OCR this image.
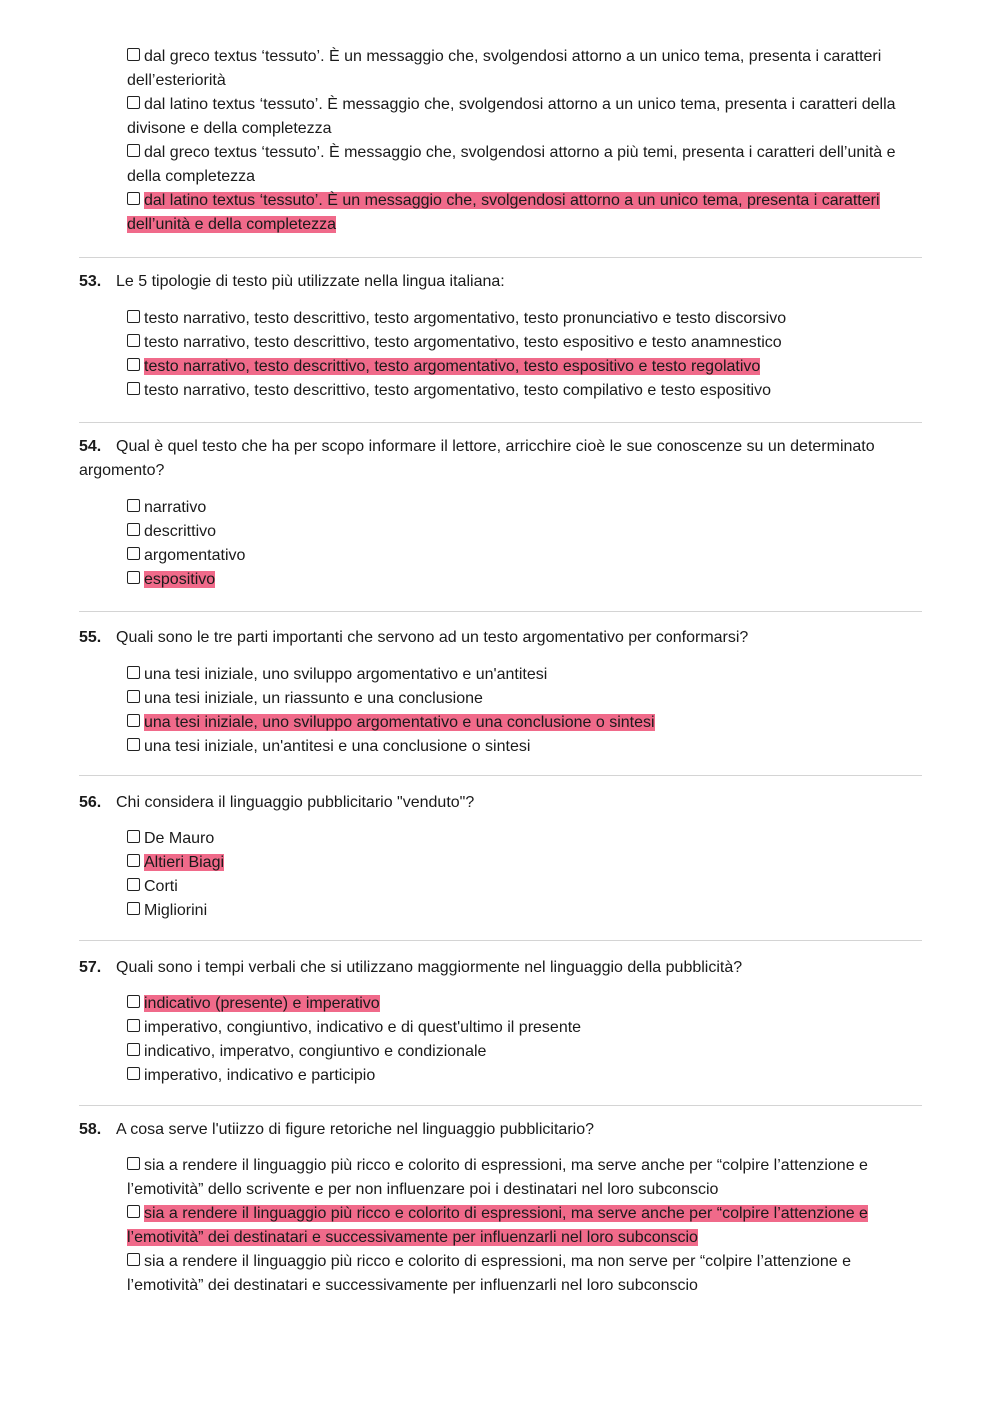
dal greco textus ‘tessuto’. È un messaggio che, svolgendosi attorno a un unico tema, presenta i caratteri dell’esteriorità
dal latino textus ‘tessuto’. È messaggio che, svolgendosi attorno a un unico tema, presenta i caratteri della divisone e della completezza
dal greco textus ‘tessuto’. È messaggio che, svolgendosi attorno a più temi, presenta i caratteri dell’unità e della completezza
dal latino textus ‘tessuto’. È un messaggio che, svolgendosi attorno a un unico tema, presenta i caratteri dell’unità e della completezza

53. Le 5 tipologie di testo più utilizzate nella lingua italiana:

testo narrativo, testo descrittivo, testo argomentativo, testo pronunciativo e testo discorsivo
testo narrativo, testo descrittivo, testo argomentativo, testo espositivo e testo anamnestico
testo narrativo, testo descrittivo, testo argomentativo, testo espositivo e testo regolativo
testo narrativo, testo descrittivo, testo argomentativo, testo compilativo e testo espositivo

54. Qual è quel testo che ha per scopo informare il lettore, arricchire cioè le sue conoscenze su un determinato argomento?

narrativo
descrittivo
argomentativo
espositivo

55. Quali sono le tre parti importanti che servono ad un testo argomentativo per conformarsi?

una tesi iniziale, uno sviluppo argomentativo e un'antitesi
una tesi iniziale, un riassunto e una conclusione
una tesi iniziale, uno sviluppo argomentativo e una conclusione o sintesi
una tesi iniziale, un'antitesi e una conclusione o sintesi

56. Chi considera il linguaggio pubblicitario "venduto"?

De Mauro
Altieri Biagi
Corti
Migliorini

57. Quali sono i tempi verbali che si utilizzano maggiormente nel linguaggio della pubblicità?

indicativo (presente) e imperativo
imperativo, congiuntivo, indicativo e di quest'ultimo il presente
indicativo, imperatvo, congiuntivo e condizionale
imperativo, indicativo e participio

58. A cosa serve l'utiizzo di figure retoriche nel linguaggio pubblicitario?

sia a rendere il linguaggio più ricco e colorito di espressioni, ma serve anche per “colpire l’attenzione e l’emotività” dello scrivente e per non influenzare poi i destinatari nel loro subconscio
sia a rendere il linguaggio più ricco e colorito di espressioni, ma serve anche per “colpire l’attenzione e l’emotività” dei destinatari e successivamente per influenzarli nel loro subconscio
sia a rendere il linguaggio più ricco e colorito di espressioni, ma non serve per “colpire l’attenzione e l’emotività” dei destinatari e successivamente per influenzarli nel loro subconscio
